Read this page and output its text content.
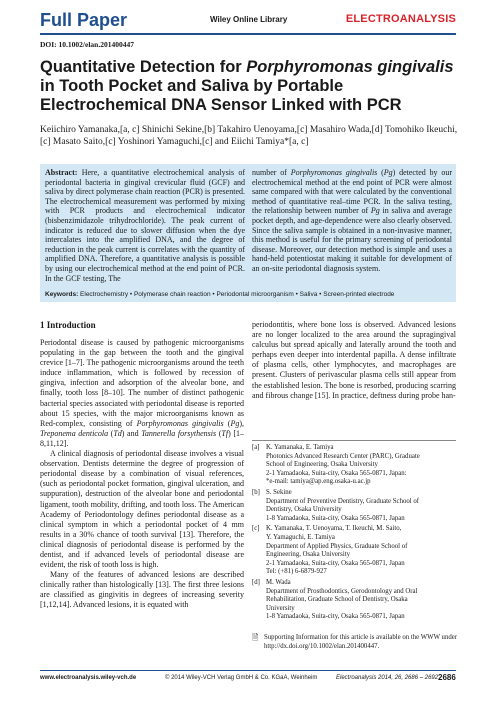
Full Paper	Wiley Online Library	ELECTROANALYSIS
DOI: 10.1002/elan.201400447
Quantitative Detection for Porphyromonas gingivalis in Tooth Pocket and Saliva by Portable Electrochemical DNA Sensor Linked with PCR
Keiichiro Yamanaka,[a, c] Shinichi Sekine,[b] Takahiro Uenoyama,[c] Masahiro Wada,[d] Tomohiko Ikeuchi,[c] Masato Saito,[c] Yoshinori Yamaguchi,[c] and Eiichi Tamiya*[a, c]
Abstract: Here, a quantitative electrochemical analysis of periodontal bacteria in gingival crevicular fluid (GCF) and saliva by direct polymerase chain reaction (PCR) is presented. The electrochemical measurement was performed by mixing with PCR products and electrochemical indicator (bisbenzimidazole trihydrochloride). The peak current of indicator is reduced due to slower diffusion when the dye intercalates into the amplified DNA, and the degree of reduction in the peak current is correlates with the quantity of amplified DNA. Therefore, a quantitative analysis is possible by using our electrochemical method at the end point of PCR. In the GCF testing, The
number of Porphyromonas gingivalis (Pg) detected by our electrochemical method at the end point of PCR were almost same compared with that were calculated by the conventional method of quantitative real–time PCR. In the saliva testing, the relationship between number of Pg in saliva and average pocket depth, and age-dependence were also clearly observed. Since the saliva sample is obtained in a non-invasive manner, this method is useful for the primary screening of periodontal disease. Moreover, our detection method is simple and uses a hand-held potentiostat making it suitable for development of an on-site periodontal diagnosis system.
Keywords: Electrochemistry • Polymerase chain reaction • Periodontal microorganism • Saliva • Screen-printed electrode
1 Introduction

Periodontal disease is caused by pathogenic microorganisms populating in the gap between the tooth and the gingival crevice [1–7]. The pathogenic microorganisms around the teeth induce inflammation, which is followed by recession of gingiva, infection and adsorption of the alveolar bone, and finally, tooth loss [8–10]. The number of distinct pathogenic bacterial species associated with periodontal disease is reported about 15 species, with the major microorganisms known as Red-complex, consisting of Porphyromonas gingivalis (Pg), Treponema denticola (Td) and Tannerella forsythensis (Tf) [1–8,11,12].

A clinical diagnosis of periodontal disease involves a visual observation. Dentists determine the degree of progression of periodontal disease by a combination of visual references, (such as periodontal pocket formation, gingival ulceration, and suppuration), destruction of the alveolar bone and periodontal ligament, tooth mobility, drifting, and tooth loss. The American Academy of Periodontology defines periodontal disease as a clinical symptom in which a periodontal pocket of 4 mm results in a 30% chance of tooth survival [13]. Therefore, the clinical diagnosis of periodontal disease is performed by the dentist, and if advanced levels of periodontal disease are evident, the risk of tooth loss is high.

Many of the features of advanced lesions are described clinically rather than histologically [13]. The first three lesions are classified as gingivitis in degrees of increasing severity [1,12,14]. Advanced lesions, it is equated with

periodontitis, where bone loss is observed. Advanced lesions are no longer localized to the area around the supragingival calculus but spread apically and laterally around the tooth and perhaps even deeper into interdental papilla. A dense infiltrate of plasma cells, other lymphocytes, and macrophages are present. Clusters of perivascular plasma cells still appear from the established lesion. The bone is resorbed, producing scarring and fibrous change [15]. In practice, deftness during probe han-

[a] K. Yamanaka, E. Tamiya
Photonics Advanced Research Center (PARC), Graduate
School of Engineering, Osaka University
2-1 Yamadaoka, Suita-city, Osaka 565-0871, Japan:
*e-mail: tamiya@ap.eng.osaka-u.ac.jp
[b] S. Sekine
Department of Preventive Dentistry, Graduate School of
Dentistry, Osaka University
1-8 Yamadaoka, Suita-city, Osaka 565-0871, Japan
[c] K. Yamanaka, T. Uenoyama, T. Ikeuchi, M. Saito,
Y. Yamaguchi, E. Tamiya
Department of Applied Physics, Graduate School of
Engineering, Osaka University
2-1 Yamadaoka, Suita-city, Osaka 565-0871, Japan
Tel: (+81) 6-6879-927
[d] M. Wada
Department of Prosthodontics, Gerodontology and Oral
Rehabilitation, Graduate School of Dentistry, Osaka
University
1-8 Yamadaoka, Suita-city, Osaka 565-0871, Japan
🗎 Supporting Information for this article is available on the WWW under http://dx.doi.org/10.1002/elan.201400447.
www.electroanalysis.wiley-vch.de	© 2014 Wiley-VCH Verlag GmbH & Co. KGaA, Weinheim	Electroanalysis 2014, 26, 2686 – 2692 2686
